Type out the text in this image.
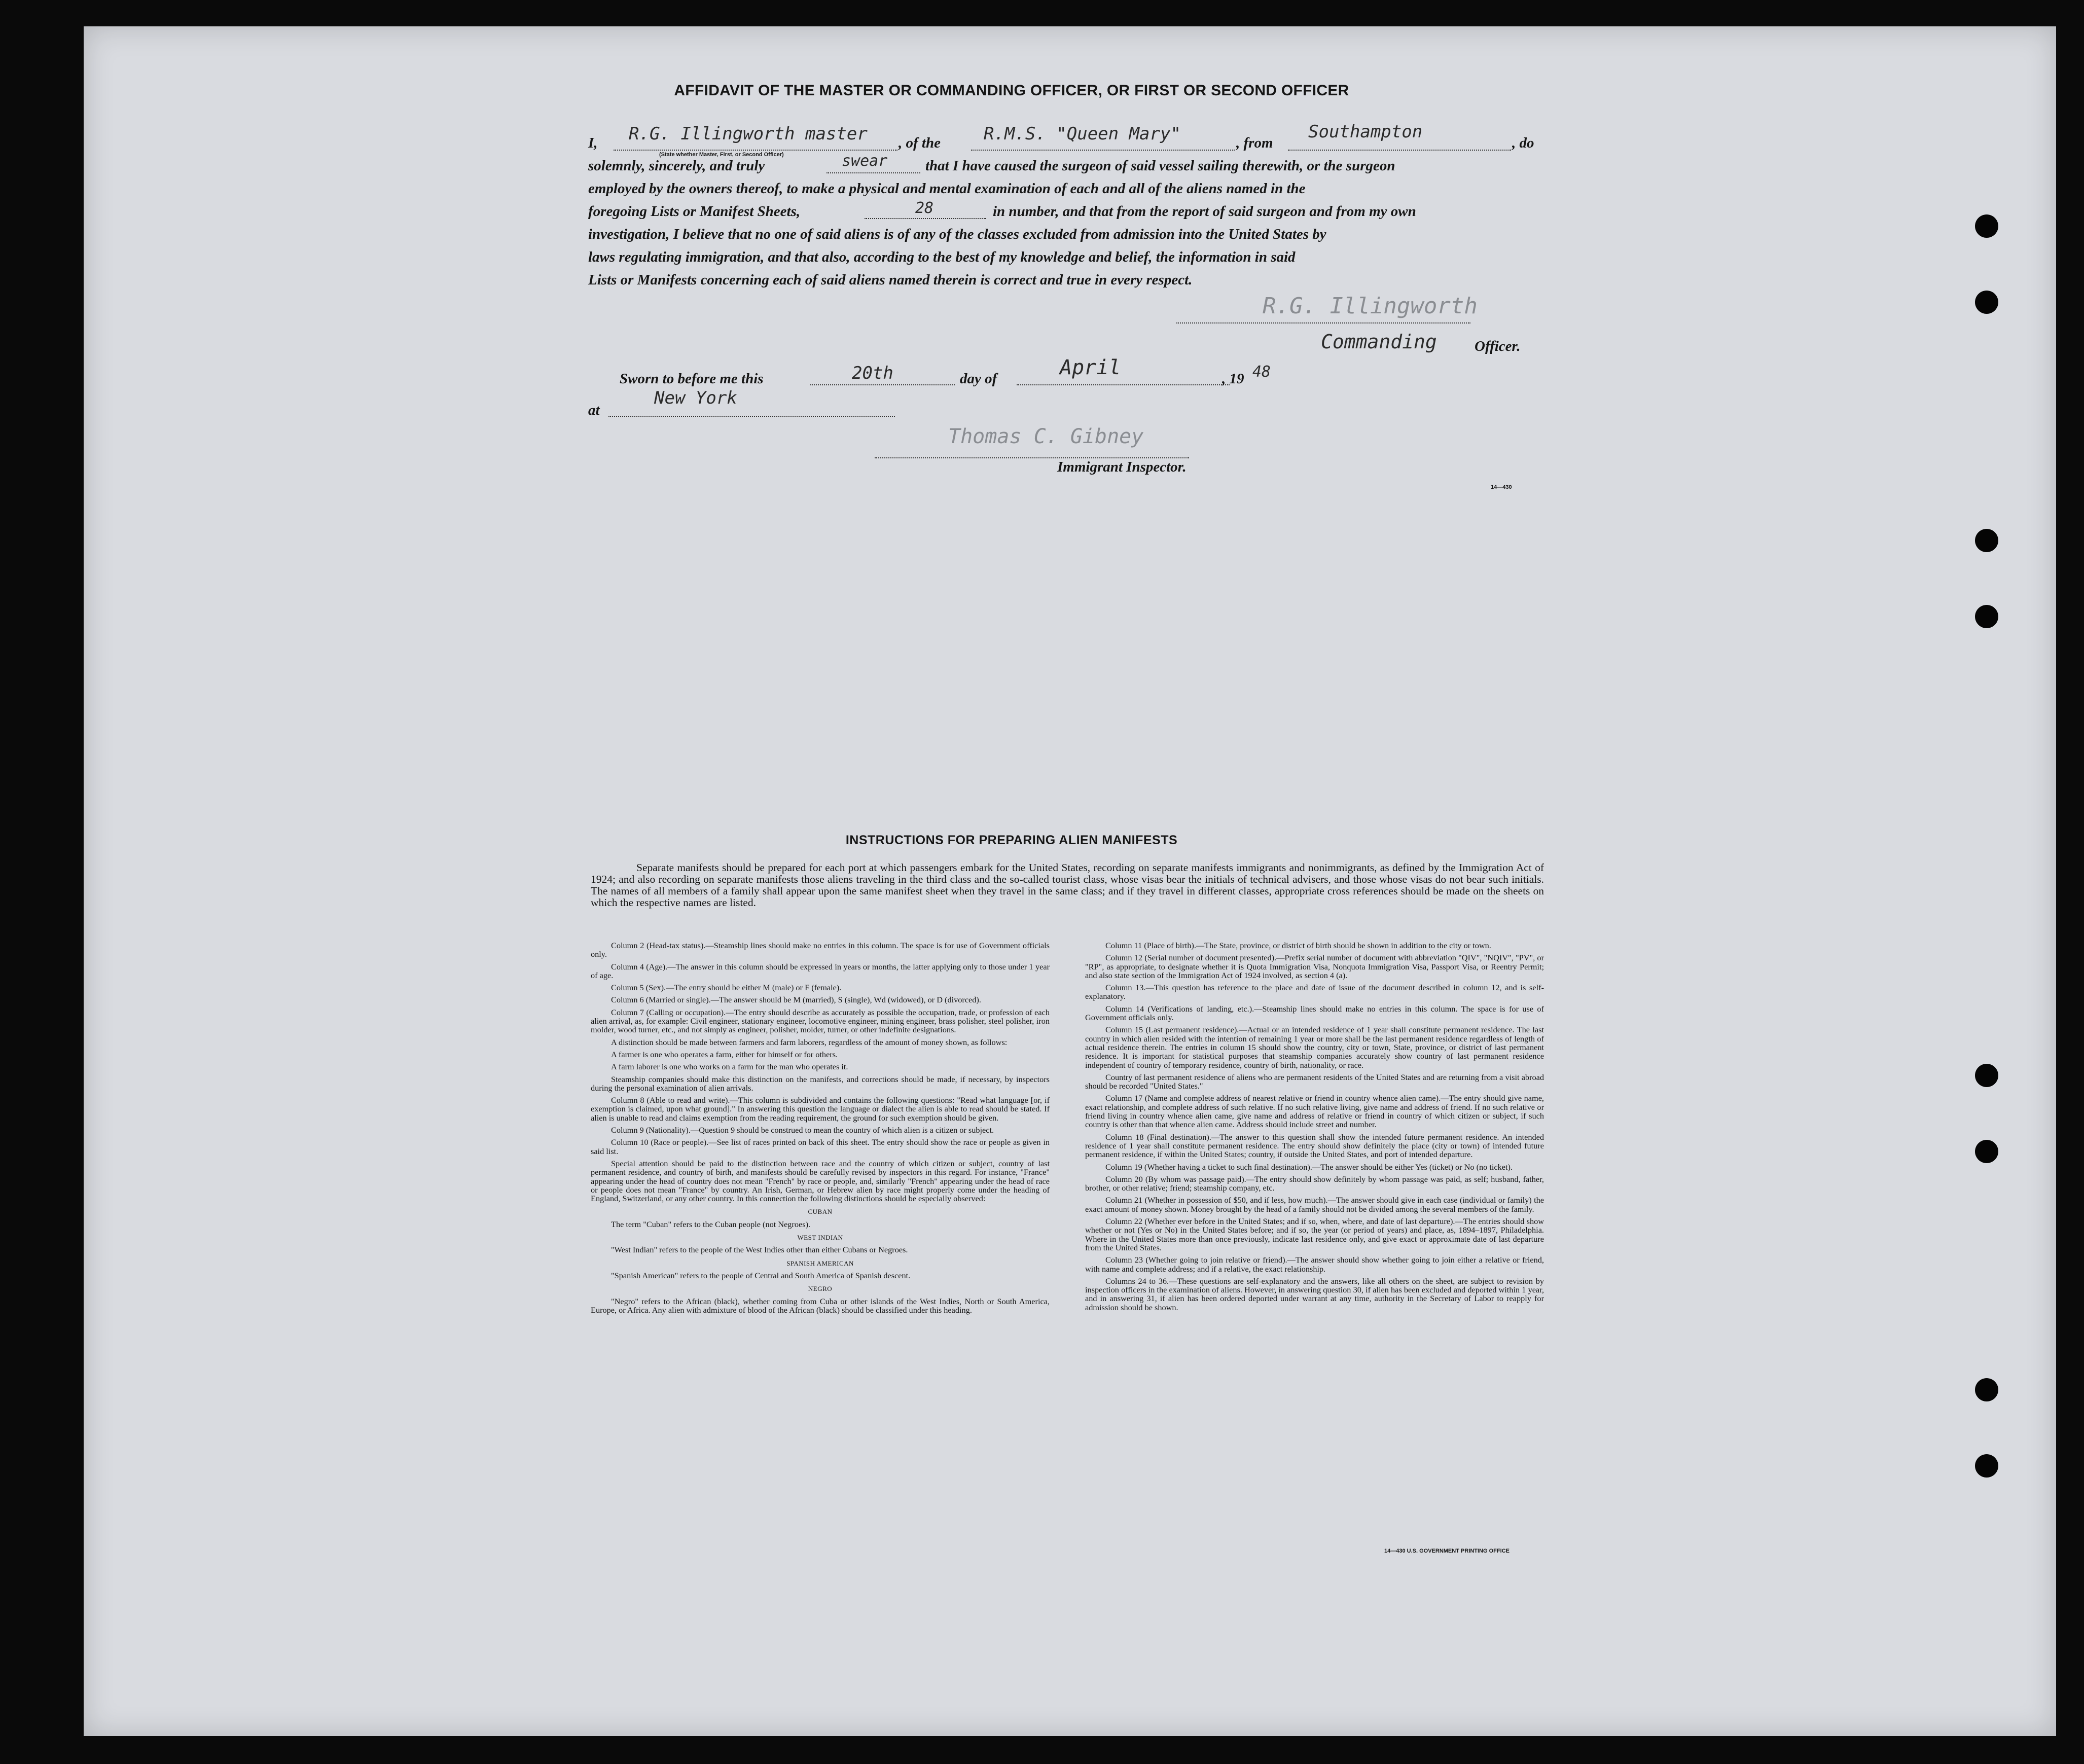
AFFIDAVIT OF THE MASTER OR COMMANDING OFFICER, OR FIRST OR SECOND OFFICER
I, R.G. Illingworth master
(State whether Master, First, or Second Officer)
, of the	R.M.S. "Queen Mary"	, from
Southampton
, do
solemnly, sincerely, and truly	swear	that I have caused the surgeon of said vessel sailing therewith, or the surgeon
employed by the owners thereof, to make a physical and mental examination of each and all of the aliens named in the
foregoing Lists or Manifest Sheets,	28	in number, and that from the report of said surgeon and from my own
investigation, I believe that no one of said aliens is of any of the classes excluded from admission into the United States by
laws regulating immigration, and that also, according to the best of my knowledge and belief, the information in said
Lists or Manifests concerning each of said aliens named therein is correct and true in every respect.
R.G. Illingworth
Commanding	Officer.
Sworn to before me this	20th	day of	April	, 19 48
at
New York
Thomas C. Gibney
Immigrant Inspector.
14—430
INSTRUCTIONS FOR PREPARING ALIEN MANIFESTS
Separate manifests should be prepared for each port at which passengers embark for the United States, recording on separate manifests immigrants and nonimmigrants, as defined by the Immigration Act of 1924; and also recording on separate manifests those aliens traveling in the third class and the so-called tourist class, whose visas bear the initials of technical advisers, and those whose visas do not bear such initials. The names of all members of a family shall appear upon the same manifest sheet when they travel in the same class; and if they travel in different classes, appropriate cross references should be made on the sheets on which the respective names are listed.

Column 2 (Head-tax status).—Steamship lines should make no entries in this column. The space is for use of Government officials only.

Column 4 (Age).—The answer in this column should be expressed in years or months, the latter applying only to those under 1 year of age.

Column 5 (Sex).—The entry should be either M (male) or F (female).

Column 6 (Married or single).—The answer should be M (married), S (single), Wd (widowed), or D (divorced).

Column 7 (Calling or occupation).—The entry should describe as accurately as possible the occupation, trade, or profession of each alien arrival, as, for example: Civil engineer, stationary engineer, locomotive engineer, mining engineer, brass polisher, steel polisher, iron molder, wood turner, etc., and not simply as engineer, polisher, molder, turner, or other indefinite designations.

A distinction should be made between farmers and farm laborers, regardless of the amount of money shown, as follows:

A farmer is one who operates a farm, either for himself or for others.

A farm laborer is one who works on a farm for the man who operates it.

Steamship companies should make this distinction on the manifests, and corrections should be made, if necessary, by inspectors during the personal examination of alien arrivals.

Column 8 (Able to read and write).—This column is subdivided and contains the following questions: "Read what language [or, if exemption is claimed, upon what ground]." In answering this question the language or dialect the alien is able to read should be stated. If alien is unable to read and claims exemption from the reading requirement, the ground for such exemption should be given.

Column 9 (Nationality).—Question 9 should be construed to mean the country of which alien is a citizen or subject.

Column 10 (Race or people).—See list of races printed on back of this sheet. The entry should show the race or people as given in said list.

Special attention should be paid to the distinction between race and the country of which citizen or subject, country of last permanent residence, and country of birth, and manifests should be carefully revised by inspectors in this regard. For instance, "France" appearing under the head of country does not mean "French" by race or people, and, similarly "French" appearing under the head of race or people does not mean "France" by country. An Irish, German, or Hebrew alien by race might properly come under the heading of England, Switzerland, or any other country. In this connection the following distinctions should be especially observed:

CUBAN

The term "Cuban" refers to the Cuban people (not Negroes).

WEST INDIAN

"West Indian" refers to the people of the West Indies other than either Cubans or Negroes.

SPANISH AMERICAN

"Spanish American" refers to the people of Central and South America of Spanish descent.

NEGRO

"Negro" refers to the African (black), whether coming from Cuba or other islands of the West Indies, North or South America, Europe, or Africa. Any alien with admixture of blood of the African (black) should be classified under this heading.

Column 11 (Place of birth).—The State, province, or district of birth should be shown in addition to the city or town.

Column 12 (Serial number of document presented).—Prefix serial number of document with abbreviation "QIV", "NQIV", "PV", or "RP", as appropriate, to designate whether it is Quota Immigration Visa, Nonquota Immigration Visa, Passport Visa, or Reentry Permit; and also state section of the Immigration Act of 1924 involved, as section 4 (a).

Column 13.—This question has reference to the place and date of issue of the document described in column 12, and is self-explanatory.

Column 14 (Verifications of landing, etc.).—Steamship lines should make no entries in this column. The space is for use of Government officials only.

Column 15 (Last permanent residence).—Actual or an intended residence of 1 year shall constitute permanent residence. The last country in which alien resided with the intention of remaining 1 year or more shall be the last permanent residence regardless of length of actual residence therein. The entries in column 15 should show the country, city or town, State, province, or district of last permanent residence. It is important for statistical purposes that steamship companies accurately show country of last permanent residence independent of country of temporary residence, country of birth, nationality, or race.

Country of last permanent residence of aliens who are permanent residents of the United States and are returning from a visit abroad should be recorded "United States."

Column 17 (Name and complete address of nearest relative or friend in country whence alien came).—The entry should give name, exact relationship, and complete address of such relative. If no such relative living, give name and address of friend. If no such relative or friend living in country whence alien came, give name and address of relative or friend in country of which citizen or subject, if such country is other than that whence alien came. Address should include street and number.

Column 18 (Final destination).—The answer to this question shall show the intended future permanent residence. An intended residence of 1 year shall constitute permanent residence. The entry should show definitely the place (city or town) of intended future permanent residence, if within the United States; country, if outside the United States, and port of intended departure.

Column 19 (Whether having a ticket to such final destination).—The answer should be either Yes (ticket) or No (no ticket).

Column 20 (By whom was passage paid).—The entry should show definitely by whom passage was paid, as self; husband, father, brother, or other relative; friend; steamship company, etc.

Column 21 (Whether in possession of $50, and if less, how much).—The answer should give in each case (individual or family) the exact amount of money shown. Money brought by the head of a family should not be divided among the several members of the family.

Column 22 (Whether ever before in the United States; and if so, when, where, and date of last departure).—The entries should show whether or not (Yes or No) in the United States before; and if so, the year (or period of years) and place, as, 1894–1897, Philadelphia. Where in the United States more than once previously, indicate last residence only, and give exact or approximate date of last departure from the United States.

Column 23 (Whether going to join relative or friend).—The answer should show whether going to join either a relative or friend, with name and complete address; and if a relative, the exact relationship.

Columns 24 to 36.—These questions are self-explanatory and the answers, like all others on the sheet, are subject to revision by inspection officers in the examination of aliens. However, in answering question 30, if alien has been excluded and deported within 1 year, and in answering 31, if alien has been ordered deported under warrant at any time, authority in the Secretary of Labor to reapply for admission should be shown.

14—430 U.S. GOVERNMENT PRINTING OFFICE
